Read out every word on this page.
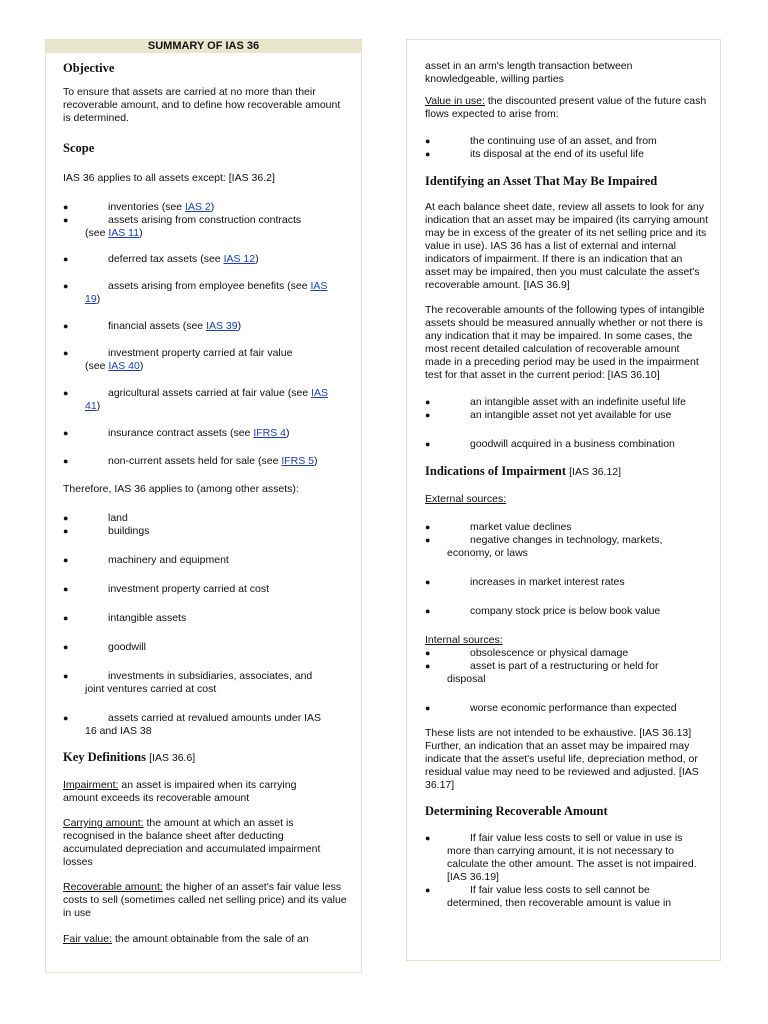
SUMMARY OF IAS 36
Objective

To ensure that assets are carried at no more than their recoverable amount, and to define how recoverable amount is determined.

Scope

IAS 36 applies to all assets except: [IAS 36.2]

●	inventories (see IAS 2)
●	assets arising from construction contracts
(see IAS 11)
●	deferred tax assets (see IAS 12)
●	assets arising from employee benefits (see IAS
19)
●	financial assets (see IAS 39)
●	investment property carried at fair value
(see IAS 40)
●	agricultural assets carried at fair value (see IAS
41)
●	insurance contract assets (see IFRS 4)
●	non-current assets held for sale (see IFRS 5)

Therefore, IAS 36 applies to (among other assets):

●	land
●	buildings
●	machinery and equipment
●	investment property carried at cost
●	intangible assets
●	goodwill
●	investments in subsidiaries, associates, and
joint ventures carried at cost
●	assets carried at revalued amounts under IAS
16 and IAS 38
Key Definitions [IAS 36.6]

Impairment: an asset is impaired when its carrying amount exceeds its recoverable amount

Carrying amount: the amount at which an asset is recognised in the balance sheet after deducting accumulated depreciation and accumulated impairment losses

Recoverable amount: the higher of an asset's fair value less costs to sell (sometimes called net selling price) and its value in use

Fair value: the amount obtainable from the sale of an

asset in an arm's length transaction between knowledgeable, willing parties

Value in use: the discounted present value of the future cash flows expected to arise from:

●	the continuing use of an asset, and from
●	its disposal at the end of its useful life
Identifying an Asset That May Be Impaired

At each balance sheet date, review all assets to look for any indication that an asset may be impaired (its carrying amount may be in excess of the greater of its net selling price and its value in use). IAS 36 has a list of external and internal indicators of impairment. If there is an indication that an asset may be impaired, then you must calculate the asset's recoverable amount. [IAS 36.9]

The recoverable amounts of the following types of intangible assets should be measured annually whether or not there is any indication that it may be impaired. In some cases, the most recent detailed calculation of recoverable amount made in a preceding period may be used in the impairment test for that asset in the current period: [IAS 36.10]

●	an intangible asset with an indefinite useful life
●	an intangible asset not yet available for use
●	goodwill acquired in a business combination
Indications of Impairment [IAS 36.12]

External sources:

●	market value declines
●	negative changes in technology, markets,
economy, or laws
●	increases in market interest rates
●	company stock price is below book value

Internal sources:

●	obsolescence or physical damage
●	asset is part of a restructuring or held for
disposal
●	worse economic performance than expected

These lists are not intended to be exhaustive. [IAS 36.13] Further, an indication that an asset may be impaired may indicate that the asset's useful life, depreciation method, or residual value may need to be reviewed and adjusted. [IAS 36.17]

Determining Recoverable Amount
●	If fair value less costs to sell or value in use is
more than carrying amount, it is not necessary to calculate the other amount. The asset is not impaired. [IAS 36.19]
●	If fair value less costs to sell cannot be
determined, then recoverable amount is value in
